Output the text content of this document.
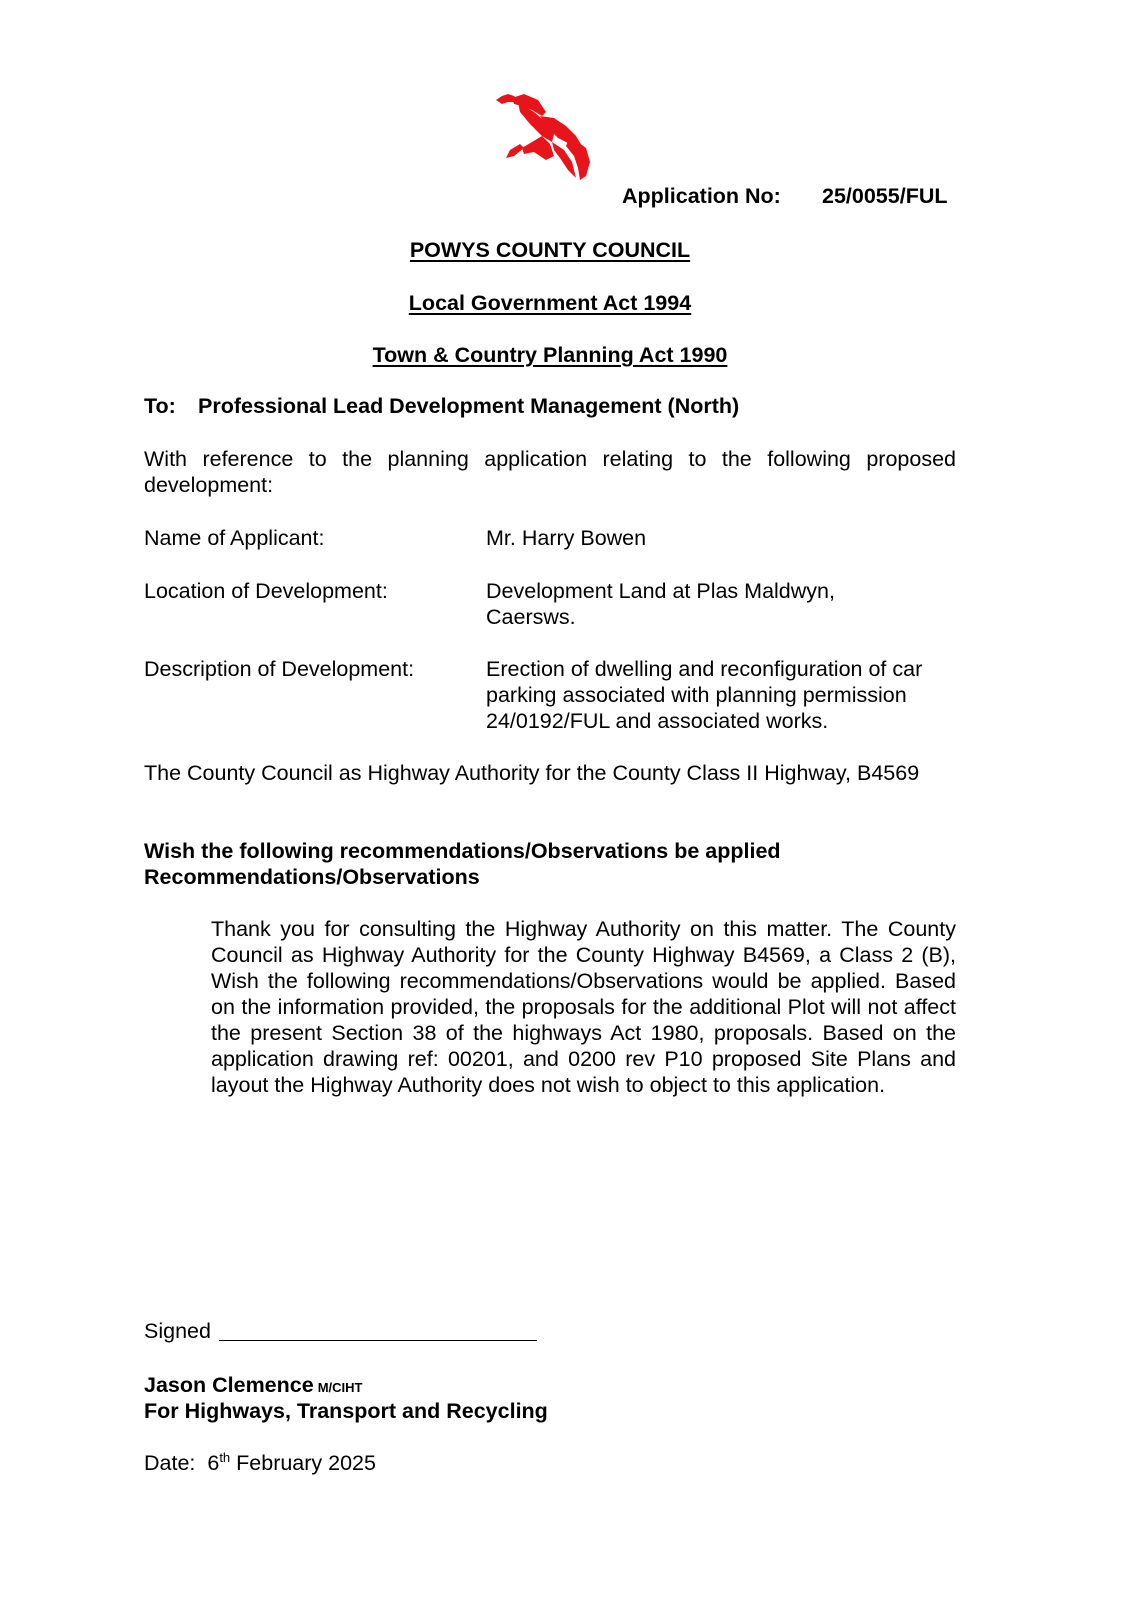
Application No: 25/0055/FUL
POWYS COUNTY COUNCIL
Local Government Act 1994
Town & Country Planning Act 1990
To: Professional Lead Development Management (North)
With reference to the planning application relating to the following proposed development:
Name of Applicant:	Mr. Harry Bowen
Location of Development:	Development Land at Plas Maldwyn,
Caersws.
Description of Development:	Erection of dwelling and reconfiguration of car parking associated with planning permission 24/0192/FUL and associated works.
The County Council as Highway Authority for the County Class II Highway, B4569
Wish the following recommendations/Observations be applied
Recommendations/Observations
Thank you for consulting the Highway Authority on this matter. The County Council as Highway Authority for the County Highway B4569, a Class 2 (B), Wish the following recommendations/Observations would be applied. Based on the information provided, the proposals for the additional Plot will not affect the present Section 38 of the highways Act 1980, proposals. Based on the application drawing ref: 00201, and 0200 rev P10 proposed Site Plans and layout the Highway Authority does not wish to object to this application.
Signed
Jason Clemence M/CIHT
For Highways, Transport and Recycling
Date: 6th February 2025
